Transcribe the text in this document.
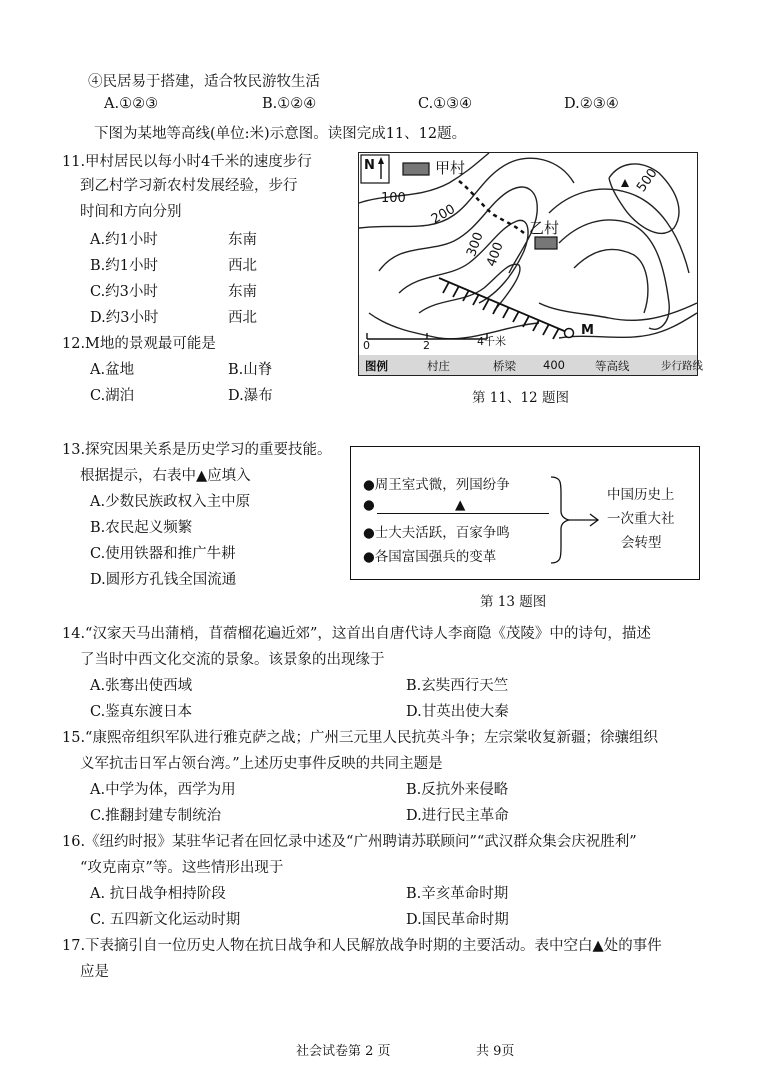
④民居易于搭建，适合牧民游牧生活
A.①②③	B.①②④	C.①③④	D.②③④
下图为某地等高线(单位:米)示意图。读图完成11、12题。
11.甲村居民以每小时4千米的速度步行
到乙村学习新农村发展经验，步行
时间和方向分别
A.约1小时	东南
B.约1小时	西北
C.约3小时	东南
D.约3小时	西北
12.M地的景观最可能是
A.盆地	B.山脊
C.湖泊	D.瀑布
N	甲村
乙村
100
200
300
400
500
M
0	2	4千米
图例	村庄	桥梁 400	等高线	步行路线
第 11、12 题图
13.探究因果关系是历史学习的重要技能。
根据提示，右表中▲应填入
A.少数民族政权入主中原
B.农民起义频繁
C.使用铁器和推广牛耕
D.圆形方孔钱全国流通
●周王室式微，列国纷争
●	▲
●士大夫活跃，百家争鸣
●各国富国强兵的变革
中国历史上
一次重大社
会转型
第 13 题图
14.“汉家天马出蒲梢，苜蓿榴花遍近郊”，这首出自唐代诗人李商隐《茂陵》中的诗句，描述
了当时中西文化交流的景象。该景象的出现缘于
A.张骞出使西域	B.玄奘西行天竺
C.鉴真东渡日本	D.甘英出使大秦
15.“康熙帝组织军队进行雅克萨之战；广州三元里人民抗英斗争；左宗棠收复新疆；徐骧组织
义军抗击日军占领台湾。”上述历史事件反映的共同主题是
A.中学为体，西学为用	B.反抗外来侵略
C.推翻封建专制统治	D.进行民主革命
16.《纽约时报》某驻华记者在回忆录中述及“广州聘请苏联顾问”“武汉群众集会庆祝胜利”
“攻克南京”等。这些情形出现于
A. 抗日战争相持阶段	B.辛亥革命时期
C. 五四新文化运动时期	D.国民革命时期
17.下表摘引自一位历史人物在抗日战争和人民解放战争时期的主要活动。表中空白▲处的事件
应是
社会试卷第 2 页	共 9页
